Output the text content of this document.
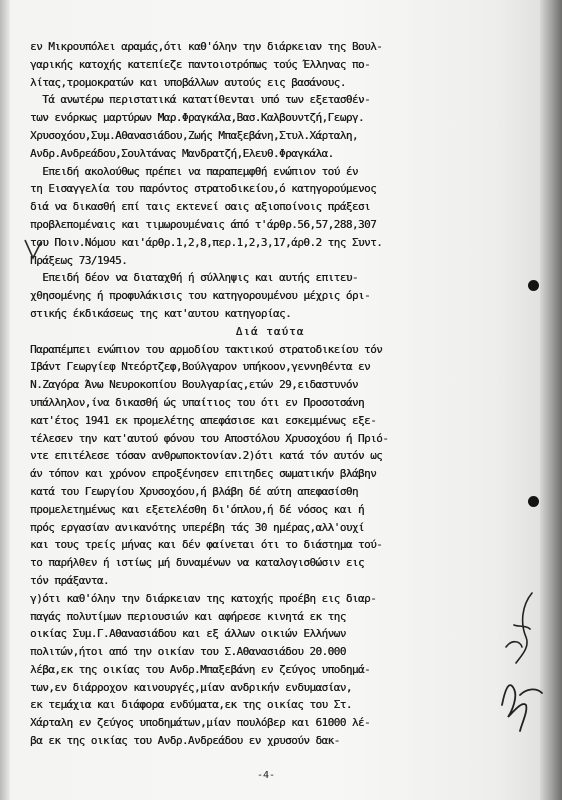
εν Μικρουπόλει αραμάς,ότι καθ'όλην την διάρκειαν της Βουλ-
γαρικής κατοχής κατεπίεζε παντοιοτρόπως τούς Έλληνας πο-
λίτας,τρομοκρατών και υποβάλλων αυτούς εις βασάνους.
Τά ανωτέρω περιστατικά κατατίθενται υπό των εξετασθέν-
των ενόρκως μαρτύρων Μαρ.Φραγκάλα,Βασ.Καλβουντζή,Γεωργ.
Χρυσοχόου,Συμ.Αθανασιάδου,Ζωής Μπαξεβάνη,Στυλ.Χάρταλη,
Ανδρ.Ανδρεάδου,Σουλτάνας Μανδρατζή,Ελευθ.Φραγκάλα.
Επειδή ακολούθως πρέπει να παραπεμφθή ενώπιον τού έν
τη Εισαγγελία του παρόντος στρατοδικείου,ό κατηγορούμενος
διά να δικασθή επί ταις εκτενεί σαις αξιοποίνοις πράξεσι
προβλεπομέναις και τιμωρουμέναις άπό τ'άρθρ.56,57,288,307
του Ποιν.Νόμου και'άρθρ.1,2,8,περ.1,2,3,17,άρθ.2 της Συντ.
Πράξεως 73/1945.
Επειδή δέον να διαταχθή ή σύλληψις και αυτής επιτευ-
χθησομένης ή προφυλάκισις του κατηγορουμένου μέχρις όρι-
στικής έκδικάσεως της κατ'αυτου κατηγορίας.
Διά ταύτα
Παραπέμπει ενώπιον του αρμοδίου τακτικού στρατοδικείου τόν
Ιβάντ Γεωργίεφ Ντεόρτζεφ,Βούλγαρον υπήκοον,γεννηθέντα εν
Ν.Ζαγόρα Άνω Νευροκοπίου Βουλγαρίας,ετών 29,ειδαστυνόν
υπάλληλον,ίνα δικασθή ώς υπαίτιος του ότι εν Προσοτσάνη
κατ'έτος 1941 εκ προμελέτης απεφάσισε και εσκεμμένως εξε-
τέλεσεν την κατ'αυτού φόνου του Αποστόλου Χρυσοχόου ή Πριό-
ντε επιτέλεσε τόσαν ανθρωποκτονίαν.2)ότι κατά τόν αυτόν ως
άν τόπον και χρόνον επροξένησεν επιτηδες σωματικήν βλάβην
κατά του Γεωργίου Χρυσοχόου,ή βλάβη δέ αύτη απεφασίσθη
προμελετημένως και εξετελέσθη δι'όπλου,ή δέ νόσος και ή
πρός εργασίαν ανικανότης υπερέβη τάς 30 ημέρας,αλλ'ουχί
και τους τρείς μήνας και δέν φαίνεται ότι το διάστημα τού-
το παρήλθεν ή ιστίως μή δυναμένων να καταλογισθώσιν εις
τόν πράξαντα.
γ)ότι καθ'όλην την διάρκειαν της κατοχής προέβη εις διαρ-
παγάς πολυτίμων περιουσιών και αφήρεσε κινητά εκ της
οικίας Συμ.Γ.Αθανασιάδου και εξ άλλων οικιών Ελλήνων
πολιτών,ήτοι από την οικίαν του Σ.Αθανασιάδου 20.000
λέβα,εκ της οικίας του Ανδρ.Μπαξεβάνη εν ζεύγος υποδημά-
των,εν διάρροχον καινουργές,μίαν ανδρικήν ενδυμασίαν,
εκ τεμάχια και διάφορα ενδύματα,εκ της οικίας του Στ.
Χάρταλη εν ζεύγος υποδημάτων,μίαν πουλόβερ και 61000 λέ-
βα εκ της οικίας του Ανδρ.Ανδρεάδου εν χρυσούν δακ-
-4-
